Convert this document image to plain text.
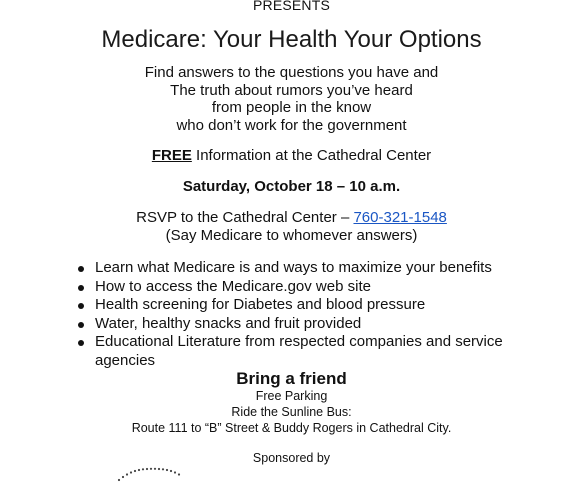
PRESENTS
Medicare: Your Health Your Options
Find answers to the questions you have and
The truth about rumors you’ve heard
from people in the know
who don’t work for the government
FREE Information at the Cathedral Center
Saturday, October 18 – 10 a.m.
RSVP to the Cathedral Center – 760-321-1548
(Say Medicare to whomever answers)
Learn what Medicare is and ways to maximize your benefits
How to access the Medicare.gov web site
Health screening for Diabetes and blood pressure
Water, healthy snacks and fruit provided
Educational Literature from respected companies and service agencies
Bring a friend
Free Parking
Ride the Sunline Bus:
Route 111 to “B” Street & Buddy Rogers in Cathedral City.
Sponsored by
